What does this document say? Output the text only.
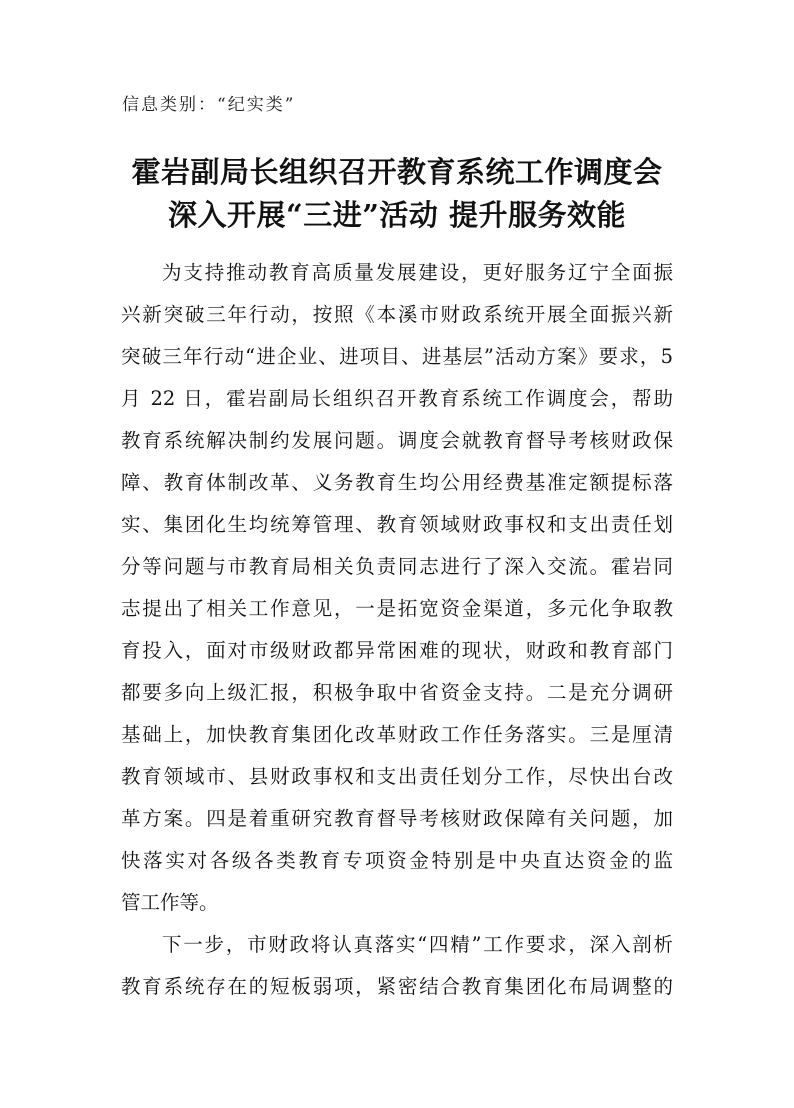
信息类别：“纪实类”
霍岩副局长组织召开教育系统工作调度会
深入开展“三进”活动 提升服务效能
为支持推动教育高质量发展建设，更好服务辽宁全面振
兴新突破三年行动，按照《本溪市财政系统开展全面振兴新
突破三年行动“进企业、进项目、进基层”活动方案》要求，5
月 22 日，霍岩副局长组织召开教育系统工作调度会，帮助
教育系统解决制约发展问题。调度会就教育督导考核财政保
障、教育体制改革、义务教育生均公用经费基准定额提标落
实、集团化生均统筹管理、教育领域财政事权和支出责任划
分等问题与市教育局相关负责同志进行了深入交流。霍岩同
志提出了相关工作意见，一是拓宽资金渠道，多元化争取教
育投入，面对市级财政都异常困难的现状，财政和教育部门
都要多向上级汇报，积极争取中省资金支持。二是充分调研
基础上，加快教育集团化改革财政工作任务落实。三是厘清
教育领域市、县财政事权和支出责任划分工作，尽快出台改
革方案。四是着重研究教育督导考核财政保障有关问题，加
快落实对各级各类教育专项资金特别是中央直达资金的监
管工作等。
下一步，市财政将认真落实“四精”工作要求，深入剖析
教育系统存在的短板弱项，紧密结合教育集团化布局调整的
